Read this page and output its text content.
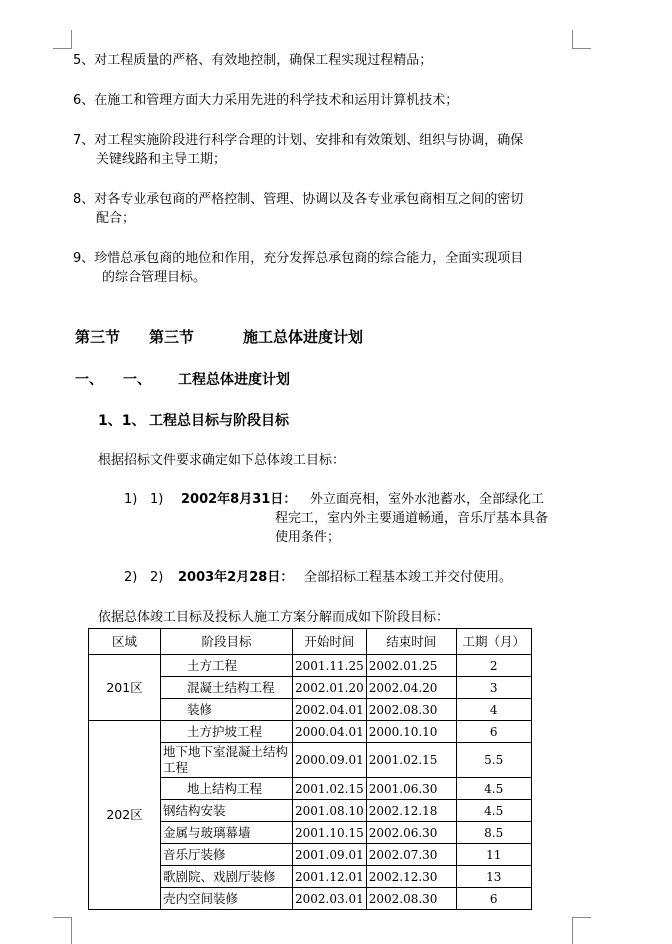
5、对工程质量的严格、有效地控制，确保工程实现过程精品；
6、在施工和管理方面大力采用先进的科学技术和运用计算机技术；
7、对工程实施阶段进行科学合理的计划、安排和有效策划、组织与协调，确保
关键线路和主导工期；
8、对各专业承包商的严格控制、管理、协调以及各专业承包商相互之间的密切
配合；
9、珍惜总承包商的地位和作用，充分发挥总承包商的综合能力，全面实现项目
的综合管理目标。
第三节 第三节	施工总体进度计划
一、 一、 工程总体进度计划
1、1、 工程总目标与阶段目标
根据招标文件要求确定如下总体竣工目标：
1) 1) 2002年8月31日： 外立面亮相，室外水池蓄水，全部绿化工
程完工，室内外主要通道畅通，音乐厅基本具备
使用条件；
2) 2) 2003年2月28日： 全部招标工程基本竣工并交付使用。
依据总体竣工目标及投标人施工方案分解而成如下阶段目标：
区域	阶段目标	开始时间	结束时间	工期（月）
201区	土方工程	2001.11.25	2002.01.25	2
	混凝土结构工程	2002.01.20	2002.04.20	3
	装修	2002.04.01	2002.08.30	4
202区	土方护坡工程	2000.04.01	2000.10.10	6
	地下地下室混凝土结构工程	2000.09.01	2001.02.15	5.5
	地上结构工程	2001.02.15	2001.06.30	4.5
	钢结构安装	2001.08.10	2002.12.18	4.5
	金属与玻璃幕墙	2001.10.15	2002.06.30	8.5
	音乐厅装修	2001.09.01	2002.07.30	11
	歌剧院、戏剧厅装修	2001.12.01	2002.12.30	13
	壳内空间装修	2002.03.01	2002.08.30	6
